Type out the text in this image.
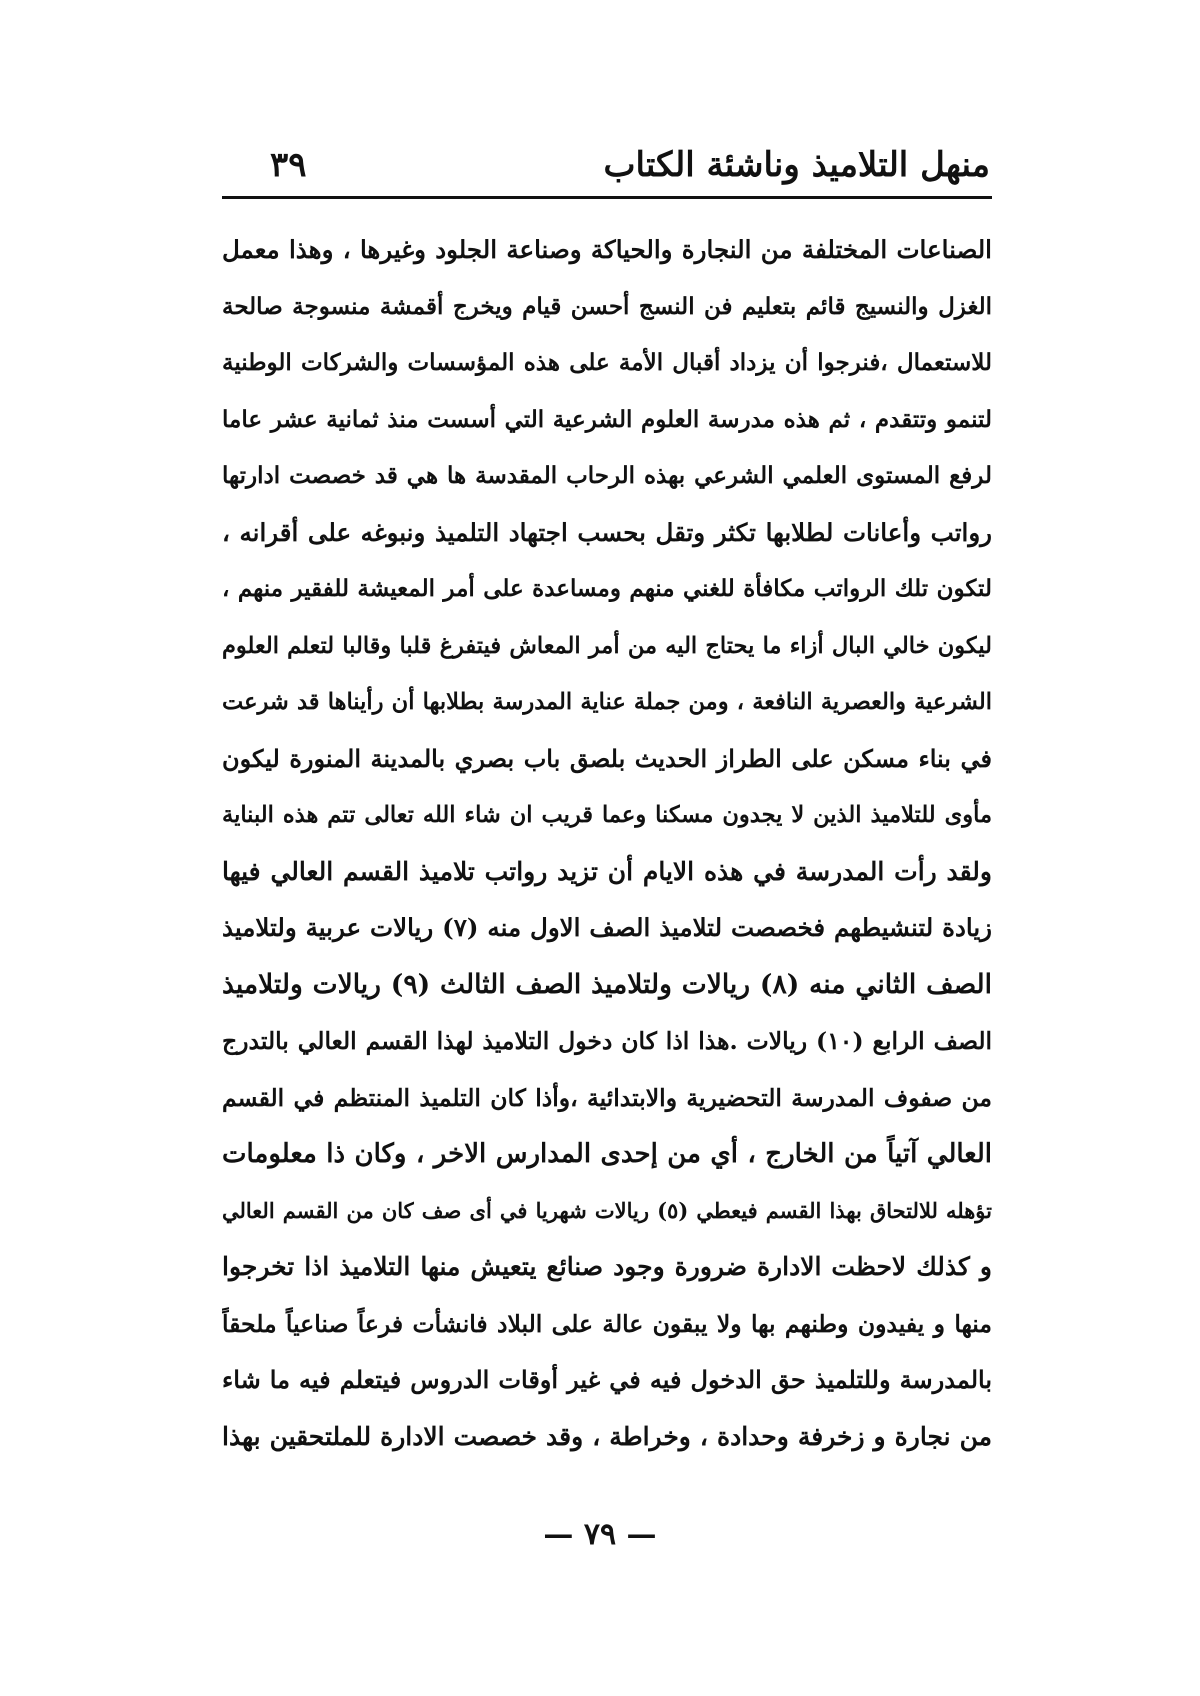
منهل التلاميذ وناشئة الكتاب
٣٩
الصناعات المختلفة من النجارة والحياكة وصناعة الجلود وغيرها ، وهذا معمل
الغزل والنسيج قائم بتعليم فن النسج أحسن قيام ويخرج أقمشة منسوجة صالحة
للاستعمال ،فنرجوا أن يزداد أقبال الأمة على هذه المؤسسات والشركات الوطنية
لتنمو وتتقدم ، ثم هذه مدرسة العلوم الشرعية التي أسست منذ ثمانية عشر عاما
لرفع المستوى العلمي الشرعي بهذه الرحاب المقدسة ها هي قد خصصت ادارتها
رواتب وأعانات لطلابها تكثر وتقل بحسب اجتهاد التلميذ ونبوغه على أقرانه ،
لتكون تلك الرواتب مكافأة للغني منهم ومساعدة على أمر المعيشة للفقير منهم ،
ليكون خالي البال أزاء ما يحتاج اليه من أمر المعاش فيتفرغ قلبا وقالبا لتعلم العلوم
الشرعية والعصرية النافعة ، ومن جملة عناية المدرسة بطلابها أن رأيناها قد شرعت
في بناء مسكن على الطراز الحديث بلصق باب بصري بالمدينة المنورة ليكون
مأوى للتلاميذ الذين لا يجدون مسكنا وعما قريب ان شاء الله تعالى تتم هذه البناية
ولقد رأت المدرسة في هذه الايام أن تزيد رواتب تلاميذ القسم العالي فيها
زيادة لتنشيطهم فخصصت لتلاميذ الصف الاول منه (٧) ريالات عربية ولتلاميذ
الصف الثاني منه (٨) ريالات ولتلاميذ الصف الثالث (٩) ريالات ولتلاميذ
الصف الرابع (١٠) ريالات .هذا اذا كان دخول التلاميذ لهذا القسم العالي بالتدرج
من صفوف المدرسة التحضيرية والابتدائية ،وأذا كان التلميذ المنتظم في القسم
العالي آتياً من الخارج ، أي من إحدى المدارس الاخر ، وكان ذا معلومات
تؤهله للالتحاق بهذا القسم فيعطي (٥) ريالات شهريا في أى صف كان من القسم العالي
و كذلك لاحظت الادارة ضرورة وجود صنائع يتعيش منها التلاميذ اذا تخرجوا
منها و يفيدون وطنهم بها ولا يبقون عالة على البلاد فانشأت فرعاً صناعياً ملحقاً
بالمدرسة وللتلميذ حق الدخول فيه في غير أوقات الدروس فيتعلم فيه ما شاء
من نجارة و زخرفة وحدادة ، وخراطة ، وقد خصصت الادارة للملتحقين بهذا
— ٧٩ —
